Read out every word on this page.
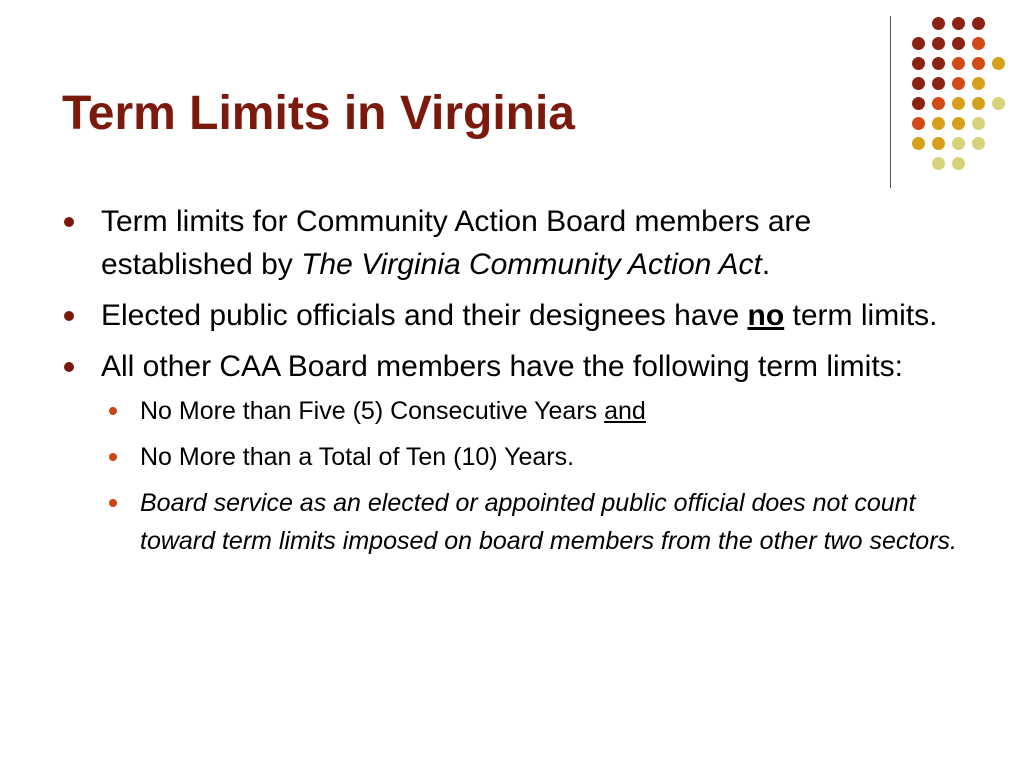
Term Limits in Virginia
Term limits for Community Action Board members are established by The Virginia Community Action Act.
Elected public officials and their designees have no term limits.
All other CAA Board members have the following term limits:
No More than Five (5) Consecutive Years and
No More than a Total of Ten (10) Years.
Board service as an elected or appointed public official does not count toward term limits imposed on board members from the other two sectors.
